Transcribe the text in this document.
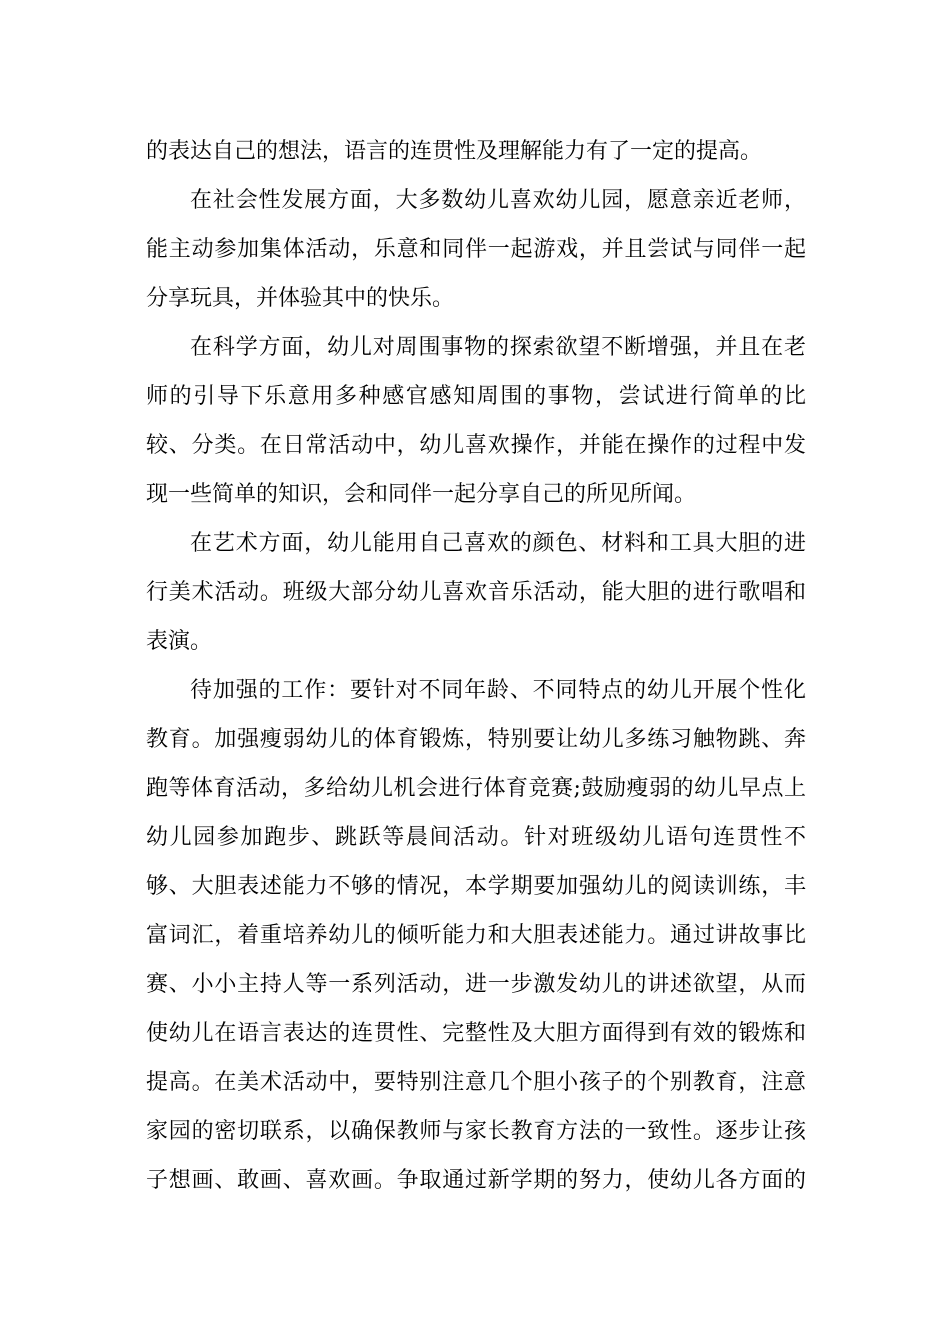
的表达自己的想法，语言的连贯性及理解能力有了一定的提高。

在社会性发展方面，大多数幼儿喜欢幼儿园，愿意亲近老师，

能主动参加集体活动，乐意和同伴一起游戏，并且尝试与同伴一起

分享玩具，并体验其中的快乐。

在科学方面，幼儿对周围事物的探索欲望不断增强，并且在老

师的引导下乐意用多种感官感知周围的事物，尝试进行简单的比

较、分类。在日常活动中，幼儿喜欢操作，并能在操作的过程中发

现一些简单的知识，会和同伴一起分享自己的所见所闻。

在艺术方面，幼儿能用自己喜欢的颜色、材料和工具大胆的进

行美术活动。班级大部分幼儿喜欢音乐活动，能大胆的进行歌唱和

表演。

待加强的工作：要针对不同年龄、不同特点的幼儿开展个性化

教育。加强瘦弱幼儿的体育锻炼，特别要让幼儿多练习触物跳、奔

跑等体育活动，多给幼儿机会进行体育竞赛;鼓励瘦弱的幼儿早点上

幼儿园参加跑步、跳跃等晨间活动。针对班级幼儿语句连贯性不

够、大胆表述能力不够的情况，本学期要加强幼儿的阅读训练，丰

富词汇，着重培养幼儿的倾听能力和大胆表述能力。通过讲故事比

赛、小小主持人等一系列活动，进一步激发幼儿的讲述欲望，从而

使幼儿在语言表达的连贯性、完整性及大胆方面得到有效的锻炼和

提高。在美术活动中，要特别注意几个胆小孩子的个别教育，注意

家园的密切联系，以确保教师与家长教育方法的一致性。逐步让孩

子想画、敢画、喜欢画。争取通过新学期的努力，使幼儿各方面的
